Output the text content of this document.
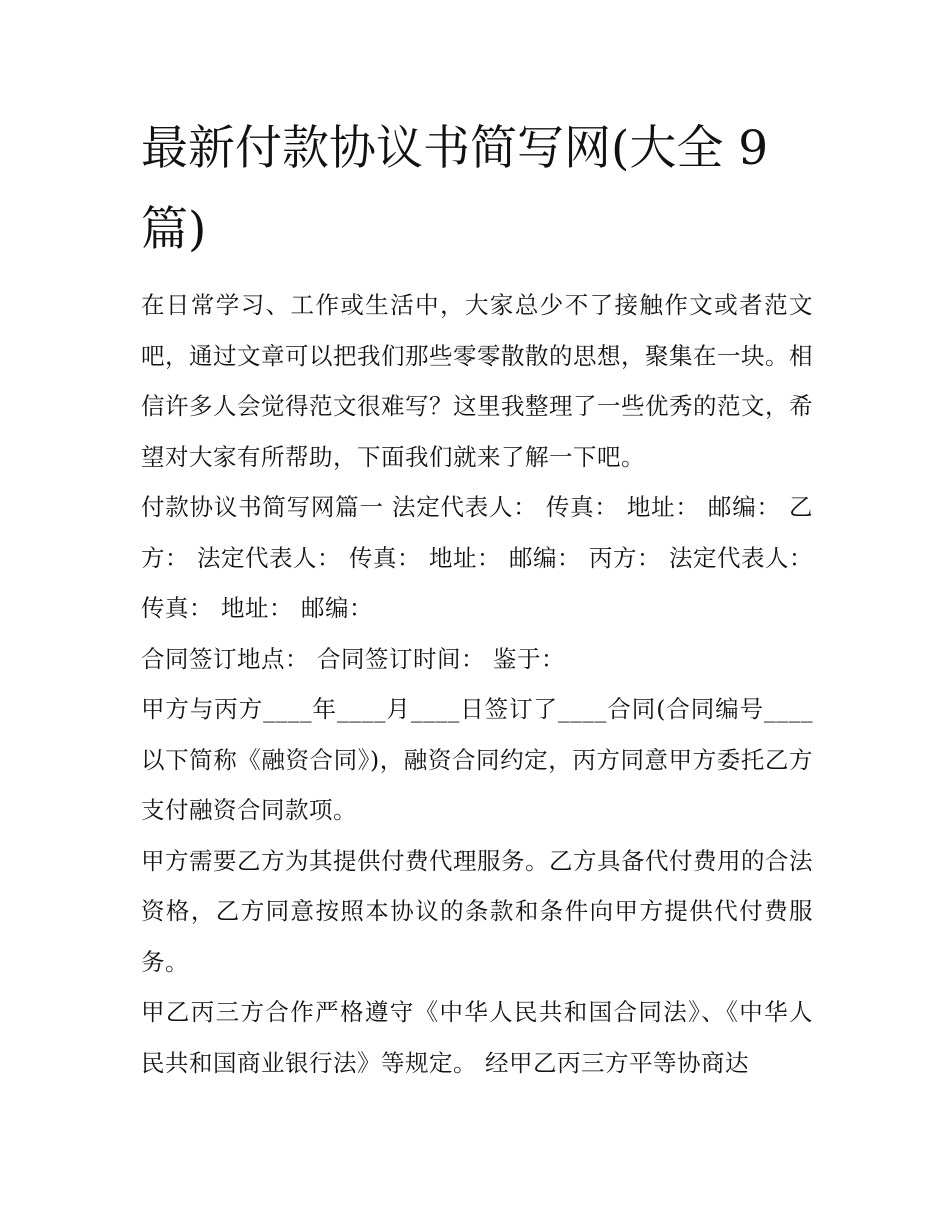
最新付款协议书简写网(大全 9 篇)

在日常学习、工作或生活中，大家总少不了接触作文或者范文吧，通过文章可以把我们那些零零散散的思想，聚集在一块。相信许多人会觉得范文很难写？这里我整理了一些优秀的范文，希望对大家有所帮助，下面我们就来了解一下吧。

付款协议书简写网篇一 法定代表人： 传真： 地址： 邮编： 乙方： 法定代表人： 传真： 地址： 邮编： 丙方： 法定代表人： 传真： 地址： 邮编：

合同签订地点： 合同签订时间： 鉴于：

甲方与丙方____年____月____日签订了____合同(合同编号____以下简称《融资合同》)，融资合同约定，丙方同意甲方委托乙方支付融资合同款项。

甲方需要乙方为其提供付费代理服务。乙方具备代付费用的合法资格，乙方同意按照本协议的条款和条件向甲方提供代付费服务。

甲乙丙三方合作严格遵守《中华人民共和国合同法》、《中华人民共和国商业银行法》等规定。 经甲乙丙三方平等协商达
